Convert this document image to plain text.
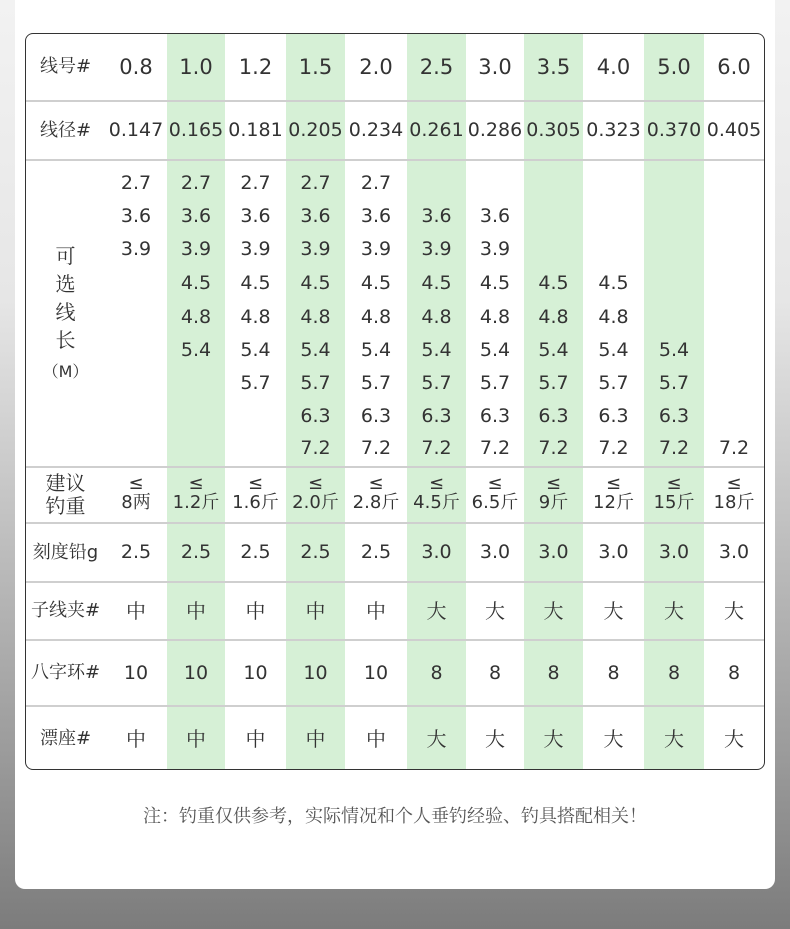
线号#
线径#
可
选
线
长
（M）
建议
钓重
刻度铅g
子线夹#
八字环#
漂座#
0.8
0.147
2.5
中
10
中
≤
8两
2.7
3.6
3.9
1.0
0.165
2.5
中
10
中
≤
1.2斤
2.7
3.6
3.9
4.5
4.8
5.4
1.2
0.181
2.5
中
10
中
≤
1.6斤
2.7
3.6
3.9
4.5
4.8
5.4
5.7
1.5
0.205
2.5
中
10
中
≤
2.0斤
2.7
3.6
3.9
4.5
4.8
5.4
5.7
6.3
7.2
2.0
0.234
2.5
中
10
中
≤
2.8斤
2.7
3.6
3.9
4.5
4.8
5.4
5.7
6.3
7.2
2.5
0.261
3.0
大
8
大
≤
4.5斤
3.6
3.9
4.5
4.8
5.4
5.7
6.3
7.2
3.0
0.286
3.0
大
8
大
≤
6.5斤
3.6
3.9
4.5
4.8
5.4
5.7
6.3
7.2
3.5
0.305
3.0
大
8
大
≤
9斤
4.5
4.8
5.4
5.7
6.3
7.2
4.0
0.323
3.0
大
8
大
≤
12斤
4.5
4.8
5.4
5.7
6.3
7.2
5.0
0.370
3.0
大
8
大
≤
15斤
5.4
5.7
6.3
7.2
6.0
0.405
3.0
大
8
大
≤
18斤
7.2
注：钓重仅供参考，实际情况和个人垂钓经验、钓具搭配相关！
